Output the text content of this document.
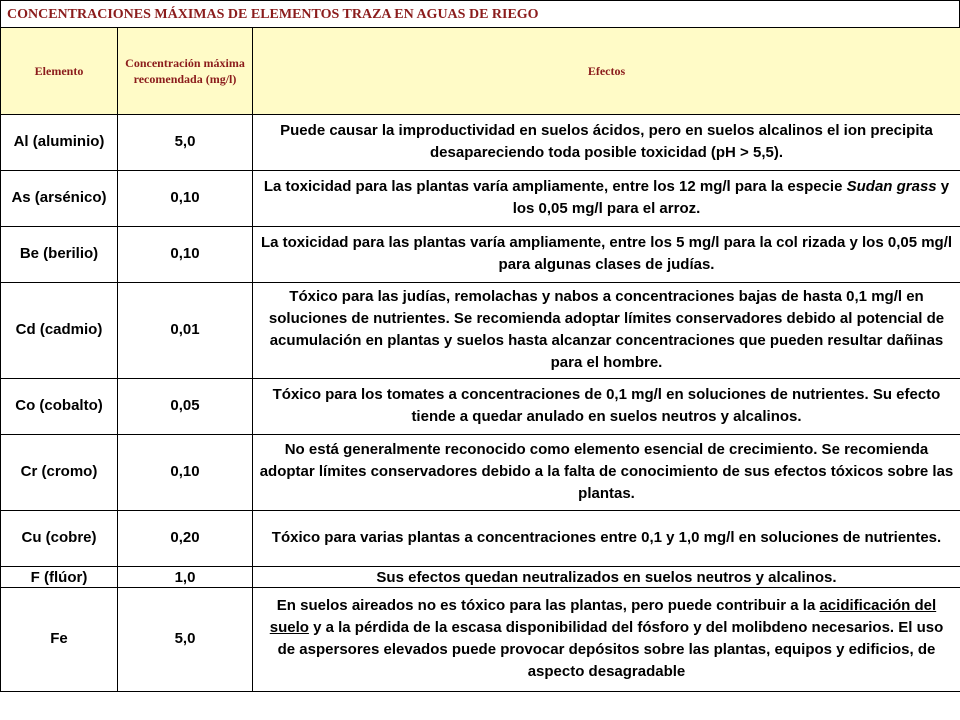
CONCENTRACIONES MÁXIMAS DE ELEMENTOS TRAZA EN AGUAS DE RIEGO
Elemento	Concentración máxima recomendada (mg/l)	Efectos
Al (aluminio)	5,0	Puede causar la improductividad en suelos ácidos, pero en suelos alcalinos el ion precipita desapareciendo toda posible toxicidad (pH > 5,5).
As (arsénico)	0,10	La toxicidad para las plantas varía ampliamente, entre los 12 mg/l para la especie Sudan grass y los 0,05 mg/l para el arroz.
Be (berilio)	0,10	La toxicidad para las plantas varía ampliamente, entre los 5 mg/l para la col rizada y los 0,05 mg/l para algunas clases de judías.
Cd (cadmio)	0,01	Tóxico para las judías, remolachas y nabos a concentraciones bajas de hasta 0,1 mg/l en soluciones de nutrientes. Se recomienda adoptar límites conservadores debido al potencial de acumulación en plantas y suelos hasta alcanzar concentraciones que pueden resultar dañinas para el hombre.
Co (cobalto)	0,05	Tóxico para los tomates a concentraciones de 0,1 mg/l en soluciones de nutrientes. Su efecto tiende a quedar anulado en suelos neutros y alcalinos.
Cr (cromo)	0,10	No está generalmente reconocido como elemento esencial de crecimiento. Se recomienda adoptar límites conservadores debido a la falta de conocimiento de sus efectos tóxicos sobre las plantas.
Cu (cobre)	0,20	Tóxico para varias plantas a concentraciones entre 0,1 y 1,0 mg/l en soluciones de nutrientes.
F (flúor)	1,0	Sus efectos quedan neutralizados en suelos neutros y alcalinos.
Fe	5,0	En suelos aireados no es tóxico para las plantas, pero puede contribuir a la acidificación del suelo y a la pérdida de la escasa disponibilidad del fósforo y del molibdeno necesarios. El uso de aspersores elevados puede provocar depósitos sobre las plantas, equipos y edificios, de aspecto desagradable
